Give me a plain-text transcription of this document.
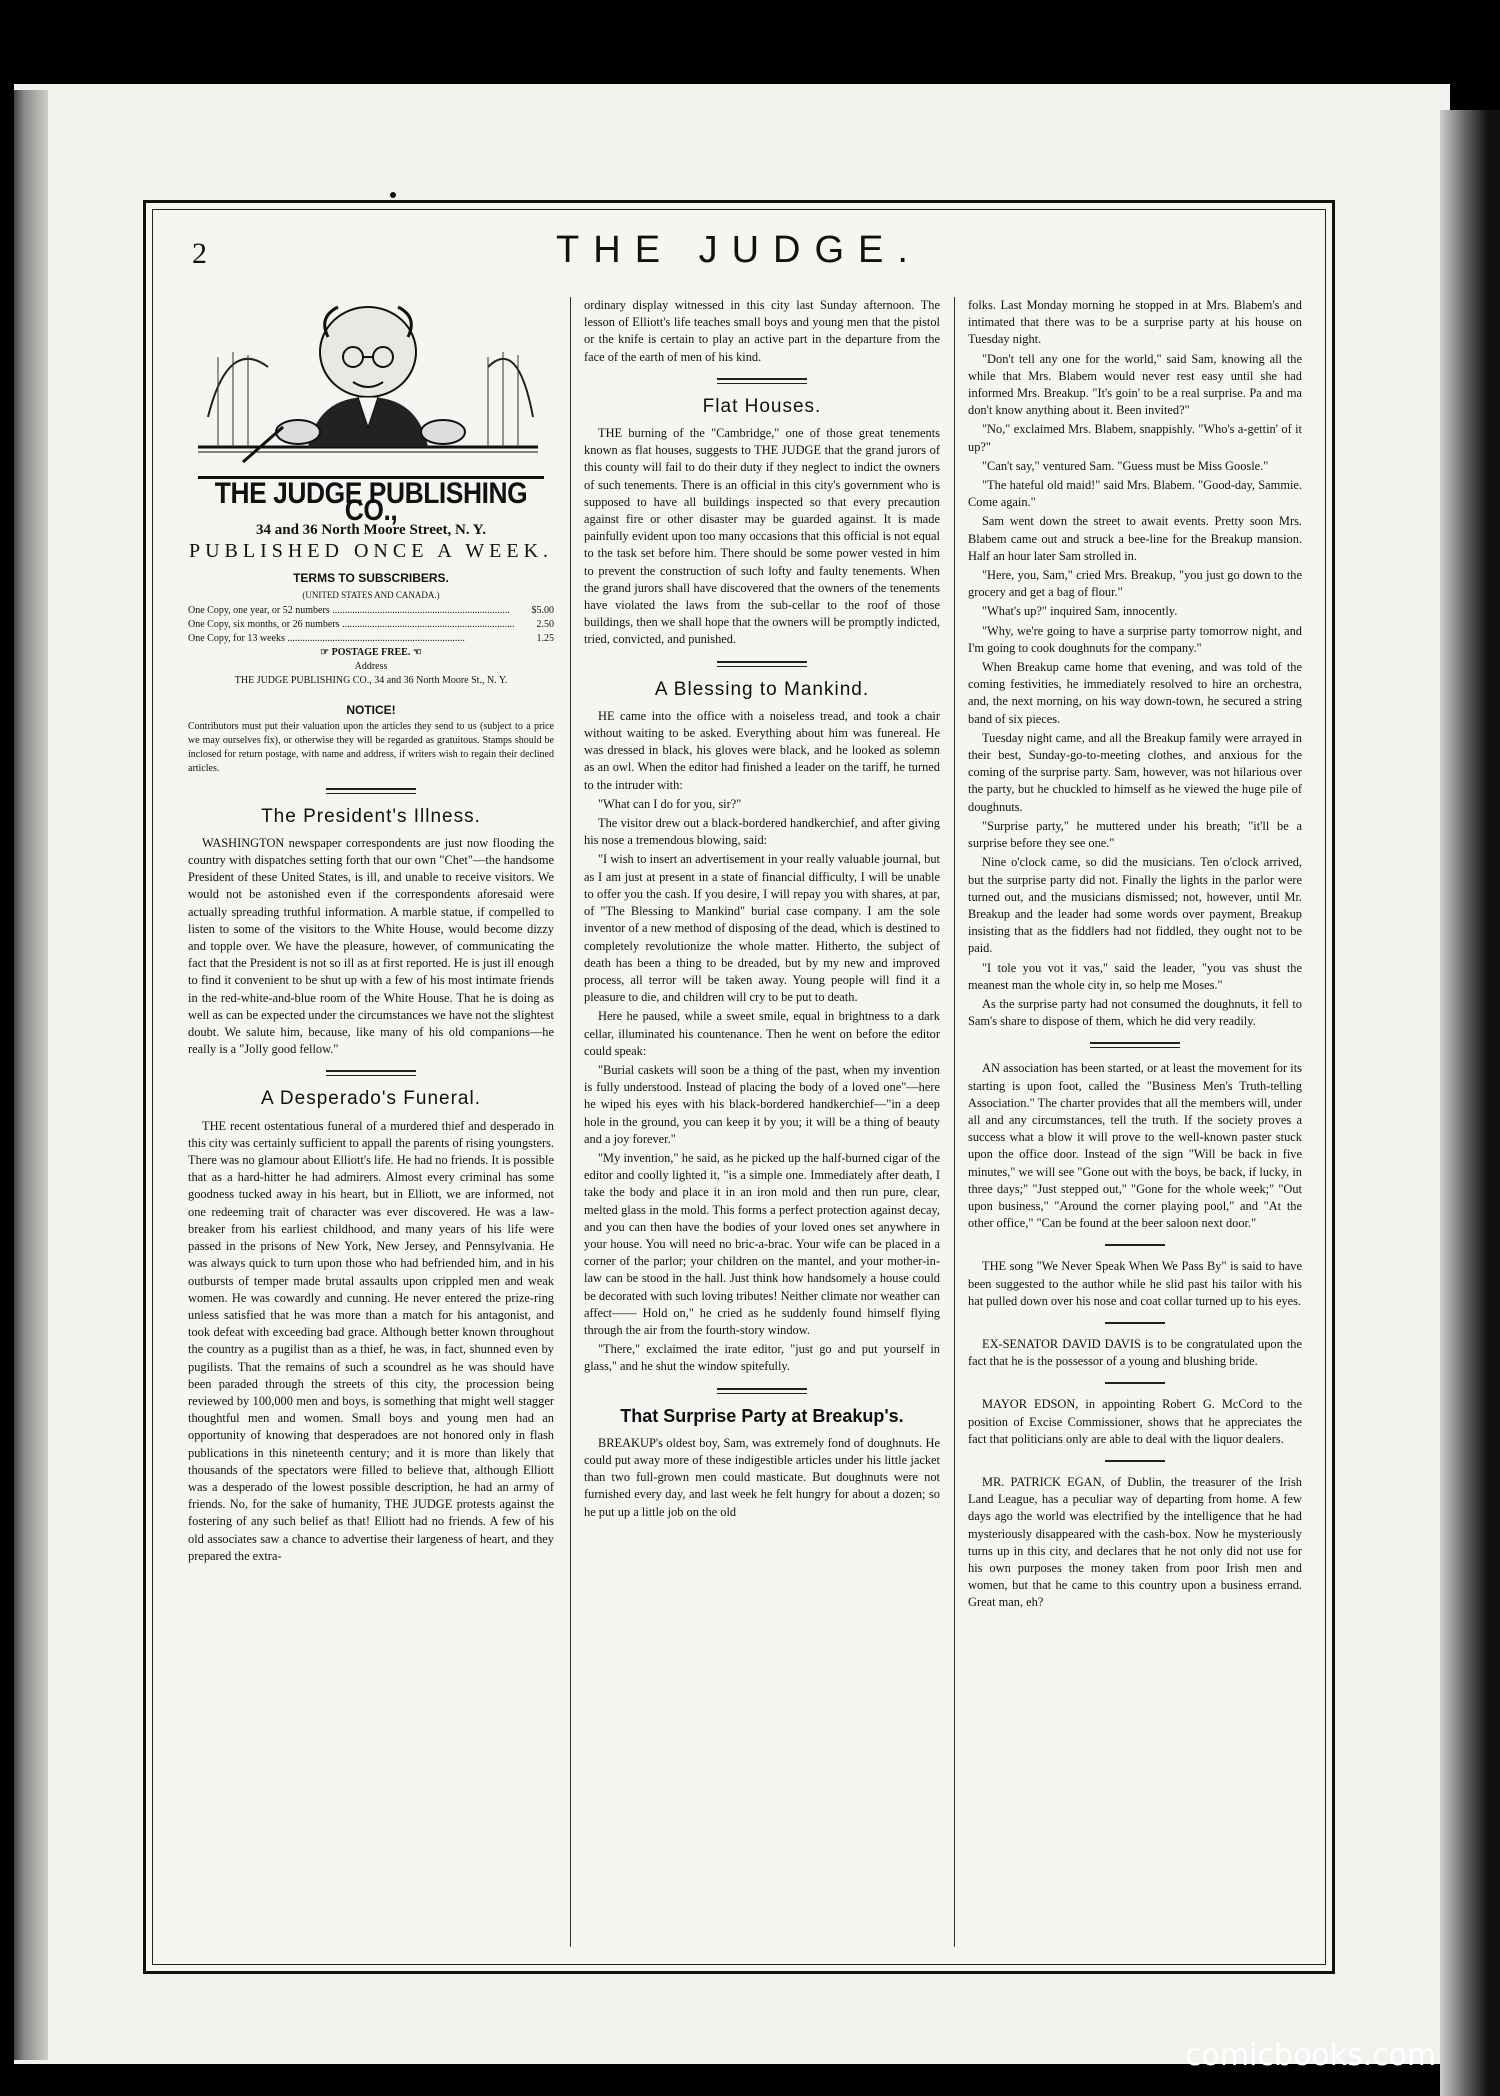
2	THE JUDGE.
THE JUDGE PUBLISHING CO.,
34 and 36 North Moore Street, N. Y.
PUBLISHED ONCE A WEEK.
TERMS TO SUBSCRIBERS.
(UNITED STATES AND CANADA.)
One Copy, one year, or 52 numbers .....	$5.00
One Copy, six months, or 26 numbers .....	2.50
One Copy, for 13 weeks .....	1.25
☞ POSTAGE FREE. ☜
Address
THE JUDGE PUBLISHING CO., 34 and 36 North Moore St., N. Y.
NOTICE!
Contributors must put their valuation upon the articles they send to us (subject to a price we may ourselves fix), or otherwise they will be regarded as gratuitous. Stamps should be inclosed for return postage, with name and address, if writers wish to regain their declined articles.
The President's Illness.

WASHINGTON newspaper correspondents are just now flooding the country with dispatches setting forth that our own "Chet"—the handsome President of these United States, is ill, and unable to receive visitors. We would not be astonished even if the correspondents aforesaid were actually spreading truthful information. A marble statue, if compelled to listen to some of the visitors to the White House, would become dizzy and topple over. We have the pleasure, however, of communicating the fact that the President is not so ill as at first reported. He is just ill enough to find it convenient to be shut up with a few of his most intimate friends in the red-white-and-blue room of the White House. That he is doing as well as can be expected under the circumstances we have not the slightest doubt. We salute him, because, like many of his old companions—he really is a "Jolly good fellow."

A Desperado's Funeral.

THE recent ostentatious funeral of a murdered thief and desperado in this city was certainly sufficient to appall the parents of rising youngsters. There was no glamour about Elliott's life. He had no friends. It is possible that as a hard-hitter he had admirers. Almost every criminal has some goodness tucked away in his heart, but in Elliott, we are informed, not one redeeming trait of character was ever discovered. He was a law-breaker from his earliest childhood, and many years of his life were passed in the prisons of New York, New Jersey, and Pennsylvania. He was always quick to turn upon those who had befriended him, and in his outbursts of temper made brutal assaults upon crippled men and weak women. He was cowardly and cunning. He never entered the prize-ring unless satisfied that he was more than a match for his antagonist, and took defeat with exceeding bad grace. Although better known throughout the country as a pugilist than as a thief, he was, in fact, shunned even by pugilists. That the remains of such a scoundrel as he was should have been paraded through the streets of this city, the procession being reviewed by 100,000 men and boys, is something that might well stagger thoughtful men and women. Small boys and young men had an opportunity of knowing that desperadoes are not honored only in flash publications in this nineteenth century; and it is more than likely that thousands of the spectators were filled to believe that, although Elliott was a desperado of the lowest possible description, he had an army of friends. No, for the sake of humanity, THE JUDGE protests against the fostering of any such belief as that! Elliott had no friends. A few of his old associates saw a chance to advertise their largeness of heart, and they prepared the extra-

ordinary display witnessed in this city last Sunday afternoon. The lesson of Elliott's life teaches small boys and young men that the pistol or the knife is certain to play an active part in the departure from the face of the earth of men of his kind.

Flat Houses.

THE burning of the "Cambridge," one of those great tenements known as flat houses, suggests to THE JUDGE that the grand jurors of this county will fail to do their duty if they neglect to indict the owners of such tenements. There is an official in this city's government who is supposed to have all buildings inspected so that every precaution against fire or other disaster may be guarded against. It is made painfully evident upon too many occasions that this official is not equal to the task set before him. There should be some power vested in him to prevent the construction of such lofty and faulty tenements. When the grand jurors shall have discovered that the owners of the tenements have violated the laws from the sub-cellar to the roof of those buildings, then we shall hope that the owners will be promptly indicted, tried, convicted, and punished.

A Blessing to Mankind.

HE came into the office with a noiseless tread, and took a chair without waiting to be asked. Everything about him was funereal. He was dressed in black, his gloves were black, and he looked as solemn as an owl. When the editor had finished a leader on the tariff, he turned to the intruder with:

"What can I do for you, sir?"

The visitor drew out a black-bordered handkerchief, and after giving his nose a tremendous blowing, said:

"I wish to insert an advertisement in your really valuable journal, but as I am just at present in a state of financial difficulty, I will be unable to offer you the cash. If you desire, I will repay you with shares, at par, of "The Blessing to Mankind" burial case company. I am the sole inventor of a new method of disposing of the dead, which is destined to completely revolutionize the whole matter. Hitherto, the subject of death has been a thing to be dreaded, but by my new and improved process, all terror will be taken away. Young people will find it a pleasure to die, and children will cry to be put to death.

Here he paused, while a sweet smile, equal in brightness to a dark cellar, illuminated his countenance. Then he went on before the editor could speak:

"Burial caskets will soon be a thing of the past, when my invention is fully understood. Instead of placing the body of a loved one"—here he wiped his eyes with his black-bordered handkerchief—"in a deep hole in the ground, you can keep it by you; it will be a thing of beauty and a joy forever."

"My invention," he said, as he picked up the half-burned cigar of the editor and coolly lighted it, "is a simple one. Immediately after death, I take the body and place it in an iron mold and then run pure, clear, melted glass in the mold. This forms a perfect protection against decay, and you can then have the bodies of your loved ones set anywhere in your house. You will need no bric-a-brac. Your wife can be placed in a corner of the parlor; your children on the mantel, and your mother-in-law can be stood in the hall. Just think how handsomely a house could be decorated with such loving tributes! Neither climate nor weather can affect—— Hold on," he cried as he suddenly found himself flying through the air from the fourth-story window.

"There," exclaimed the irate editor, "just go and put yourself in glass," and he shut the window spitefully.

That Surprise Party at Breakup's.

BREAKUP's oldest boy, Sam, was extremely fond of doughnuts. He could put away more of these indigestible articles under his little jacket than two full-grown men could masticate. But doughnuts were not furnished every day, and last week he felt hungry for about a dozen; so he put up a little job on the old

folks. Last Monday morning he stopped in at Mrs. Blabem's and intimated that there was to be a surprise party at his house on Tuesday night.

"Don't tell any one for the world," said Sam, knowing all the while that Mrs. Blabem would never rest easy until she had informed Mrs. Breakup. "It's goin' to be a real surprise. Pa and ma don't know anything about it. Been invited?"

"No," exclaimed Mrs. Blabem, snappishly. "Who's a-gettin' of it up?"

"Can't say," ventured Sam. "Guess must be Miss Goosle."

"The hateful old maid!" said Mrs. Blabem. "Good-day, Sammie. Come again."

Sam went down the street to await events. Pretty soon Mrs. Blabem came out and struck a bee-line for the Breakup mansion. Half an hour later Sam strolled in.

"Here, you, Sam," cried Mrs. Breakup, "you just go down to the grocery and get a bag of flour."

"What's up?" inquired Sam, innocently.

"Why, we're going to have a surprise party tomorrow night, and I'm going to cook doughnuts for the company."

When Breakup came home that evening, and was told of the coming festivities, he immediately resolved to hire an orchestra, and, the next morning, on his way down-town, he secured a string band of six pieces.

Tuesday night came, and all the Breakup family were arrayed in their best, Sunday-go-to-meeting clothes, and anxious for the coming of the surprise party. Sam, however, was not hilarious over the party, but he chuckled to himself as he viewed the huge pile of doughnuts.

"Surprise party," he muttered under his breath; "it'll be a surprise before they see one."

Nine o'clock came, so did the musicians. Ten o'clock arrived, but the surprise party did not. Finally the lights in the parlor were turned out, and the musicians dismissed; not, however, until Mr. Breakup and the leader had some words over payment, Breakup insisting that as the fiddlers had not fiddled, they ought not to be paid.

"I tole you vot it vas," said the leader, "you vas shust the meanest man the whole city in, so help me Moses."

As the surprise party had not consumed the doughnuts, it fell to Sam's share to dispose of them, which he did very readily.

AN association has been started, or at least the movement for its starting is upon foot, called the "Business Men's Truth-telling Association." The charter provides that all the members will, under all and any circumstances, tell the truth. If the society proves a success what a blow it will prove to the well-known paster stuck upon the office door. Instead of the sign "Will be back in five minutes," we will see "Gone out with the boys, be back, if lucky, in three days;" "Just stepped out," "Gone for the whole week;" "Out upon business," "Around the corner playing pool," and "At the other office," "Can be found at the beer saloon next door."

THE song "We Never Speak When We Pass By" is said to have been suggested to the author while he slid past his tailor with his hat pulled down over his nose and coat collar turned up to his eyes.

EX-SENATOR DAVID DAVIS is to be congratulated upon the fact that he is the possessor of a young and blushing bride.

MAYOR EDSON, in appointing Robert G. McCord to the position of Excise Commissioner, shows that he appreciates the fact that politicians only are able to deal with the liquor dealers.

MR. PATRICK EGAN, of Dublin, the treasurer of the Irish Land League, has a peculiar way of departing from home. A few days ago the world was electrified by the intelligence that he had mysteriously disappeared with the cash-box. Now he mysteriously turns up in this city, and declares that he not only did not use for his own purposes the money taken from poor Irish men and women, but that he came to this country upon a business errand. Great man, eh?

comicbooks.com
